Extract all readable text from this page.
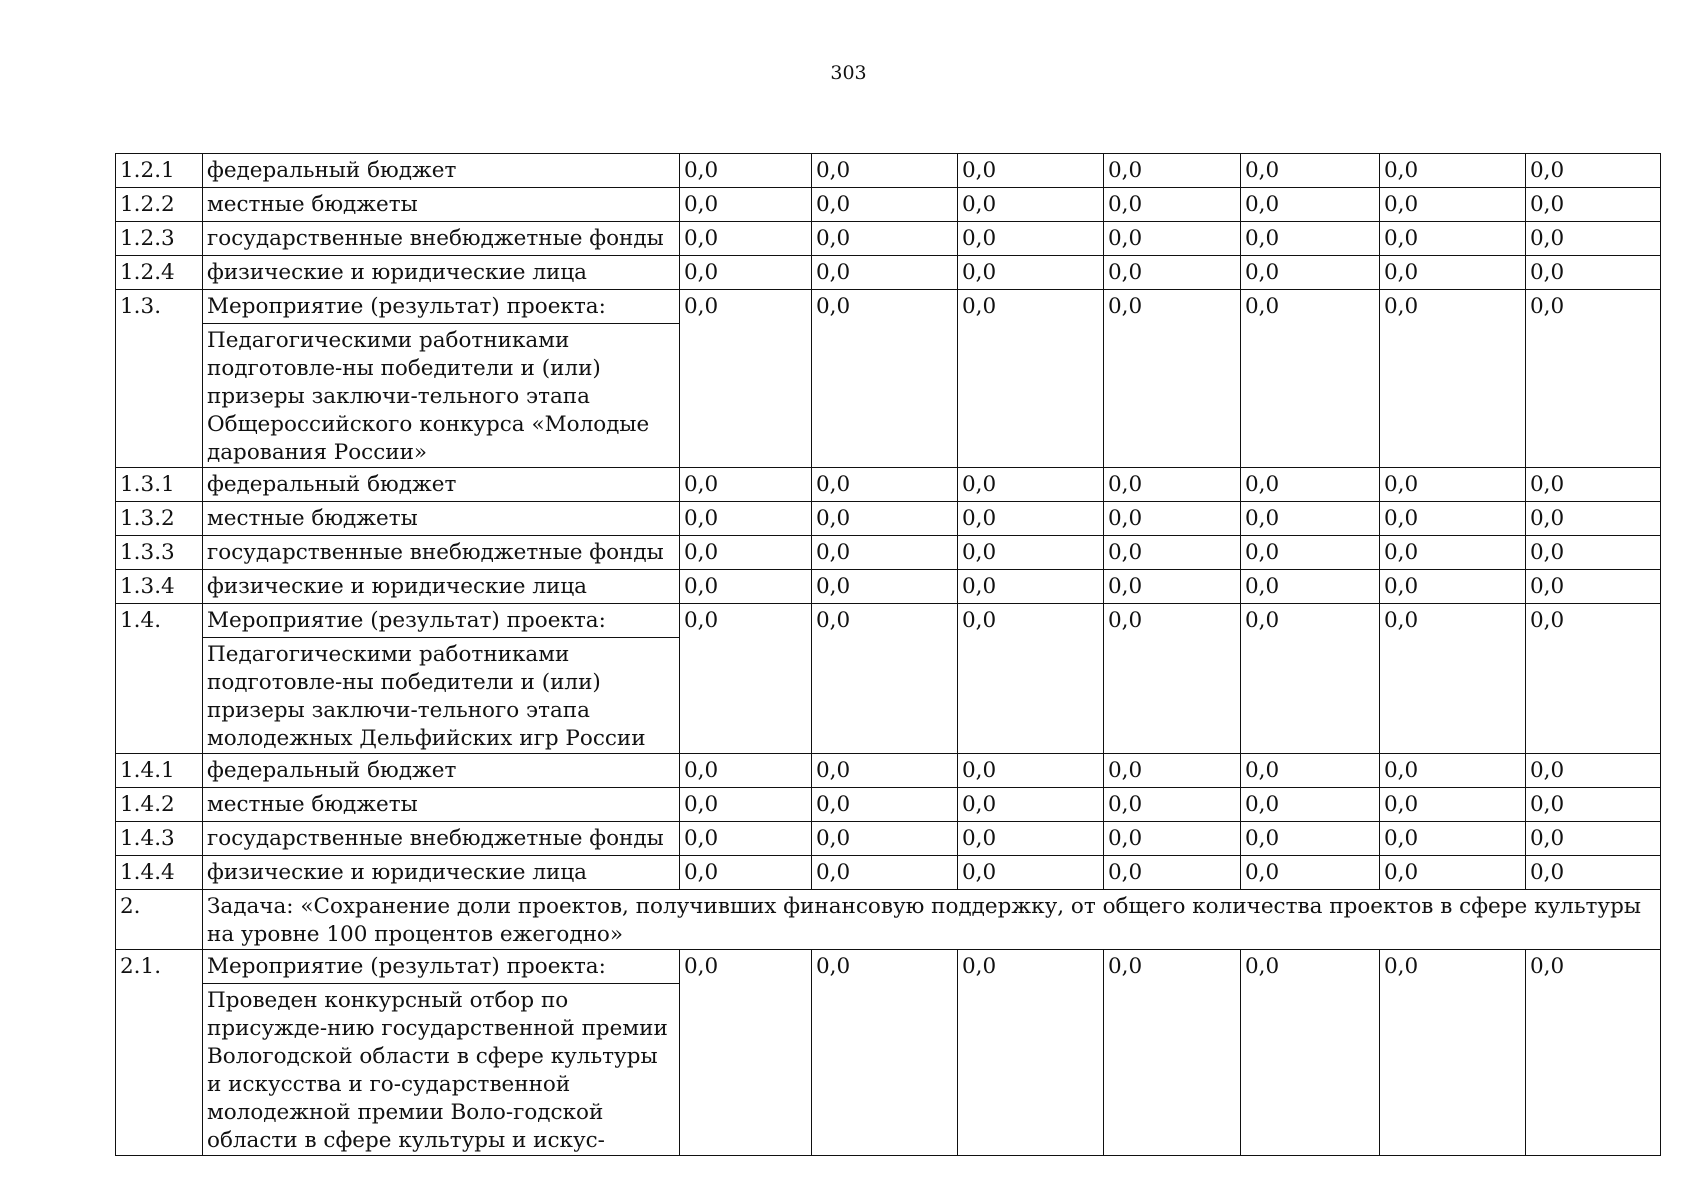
303
1.2.1	федеральный бюджет	0,0	0,0	0,0	0,0	0,0	0,0	0,0
1.2.2	местные бюджеты	0,0	0,0	0,0	0,0	0,0	0,0	0,0
1.2.3	государственные внебюджетные фонды	0,0	0,0	0,0	0,0	0,0	0,0	0,0
1.2.4	физические и юридические лица	0,0	0,0	0,0	0,0	0,0	0,0	0,0
1.3.	Мероприятие (результат) проекта:	0,0	0,0	0,0	0,0	0,0	0,0	0,0
	Педагогическими работниками подготовле-ны победители и (или) призеры заключи-тельного этапа Общероссийского конкурса «Молодые дарования России»							
1.3.1	федеральный бюджет	0,0	0,0	0,0	0,0	0,0	0,0	0,0
1.3.2	местные бюджеты	0,0	0,0	0,0	0,0	0,0	0,0	0,0
1.3.3	государственные внебюджетные фонды	0,0	0,0	0,0	0,0	0,0	0,0	0,0
1.3.4	физические и юридические лица	0,0	0,0	0,0	0,0	0,0	0,0	0,0
1.4.	Мероприятие (результат) проекта:	0,0	0,0	0,0	0,0	0,0	0,0	0,0
	Педагогическими работниками подготовле-ны победители и (или) призеры заключи-тельного этапа молодежных Дельфийских игр России							
1.4.1	федеральный бюджет	0,0	0,0	0,0	0,0	0,0	0,0	0,0
1.4.2	местные бюджеты	0,0	0,0	0,0	0,0	0,0	0,0	0,0
1.4.3	государственные внебюджетные фонды	0,0	0,0	0,0	0,0	0,0	0,0	0,0
1.4.4	физические и юридические лица	0,0	0,0	0,0	0,0	0,0	0,0	0,0
2.	Задача: «Сохранение доли проектов, получивших финансовую поддержку, от общего количества проектов в сфере культуры на уровне 100 процентов ежегодно»							
2.1.	Мероприятие (результат) проекта:	0,0	0,0	0,0	0,0	0,0	0,0	0,0
	Проведен конкурсный отбор по присужде-нию государственной премии Вологодской области в сфере культуры и искусства и го-сударственной молодежной премии Воло-годской области в сфере культуры и искус-							
